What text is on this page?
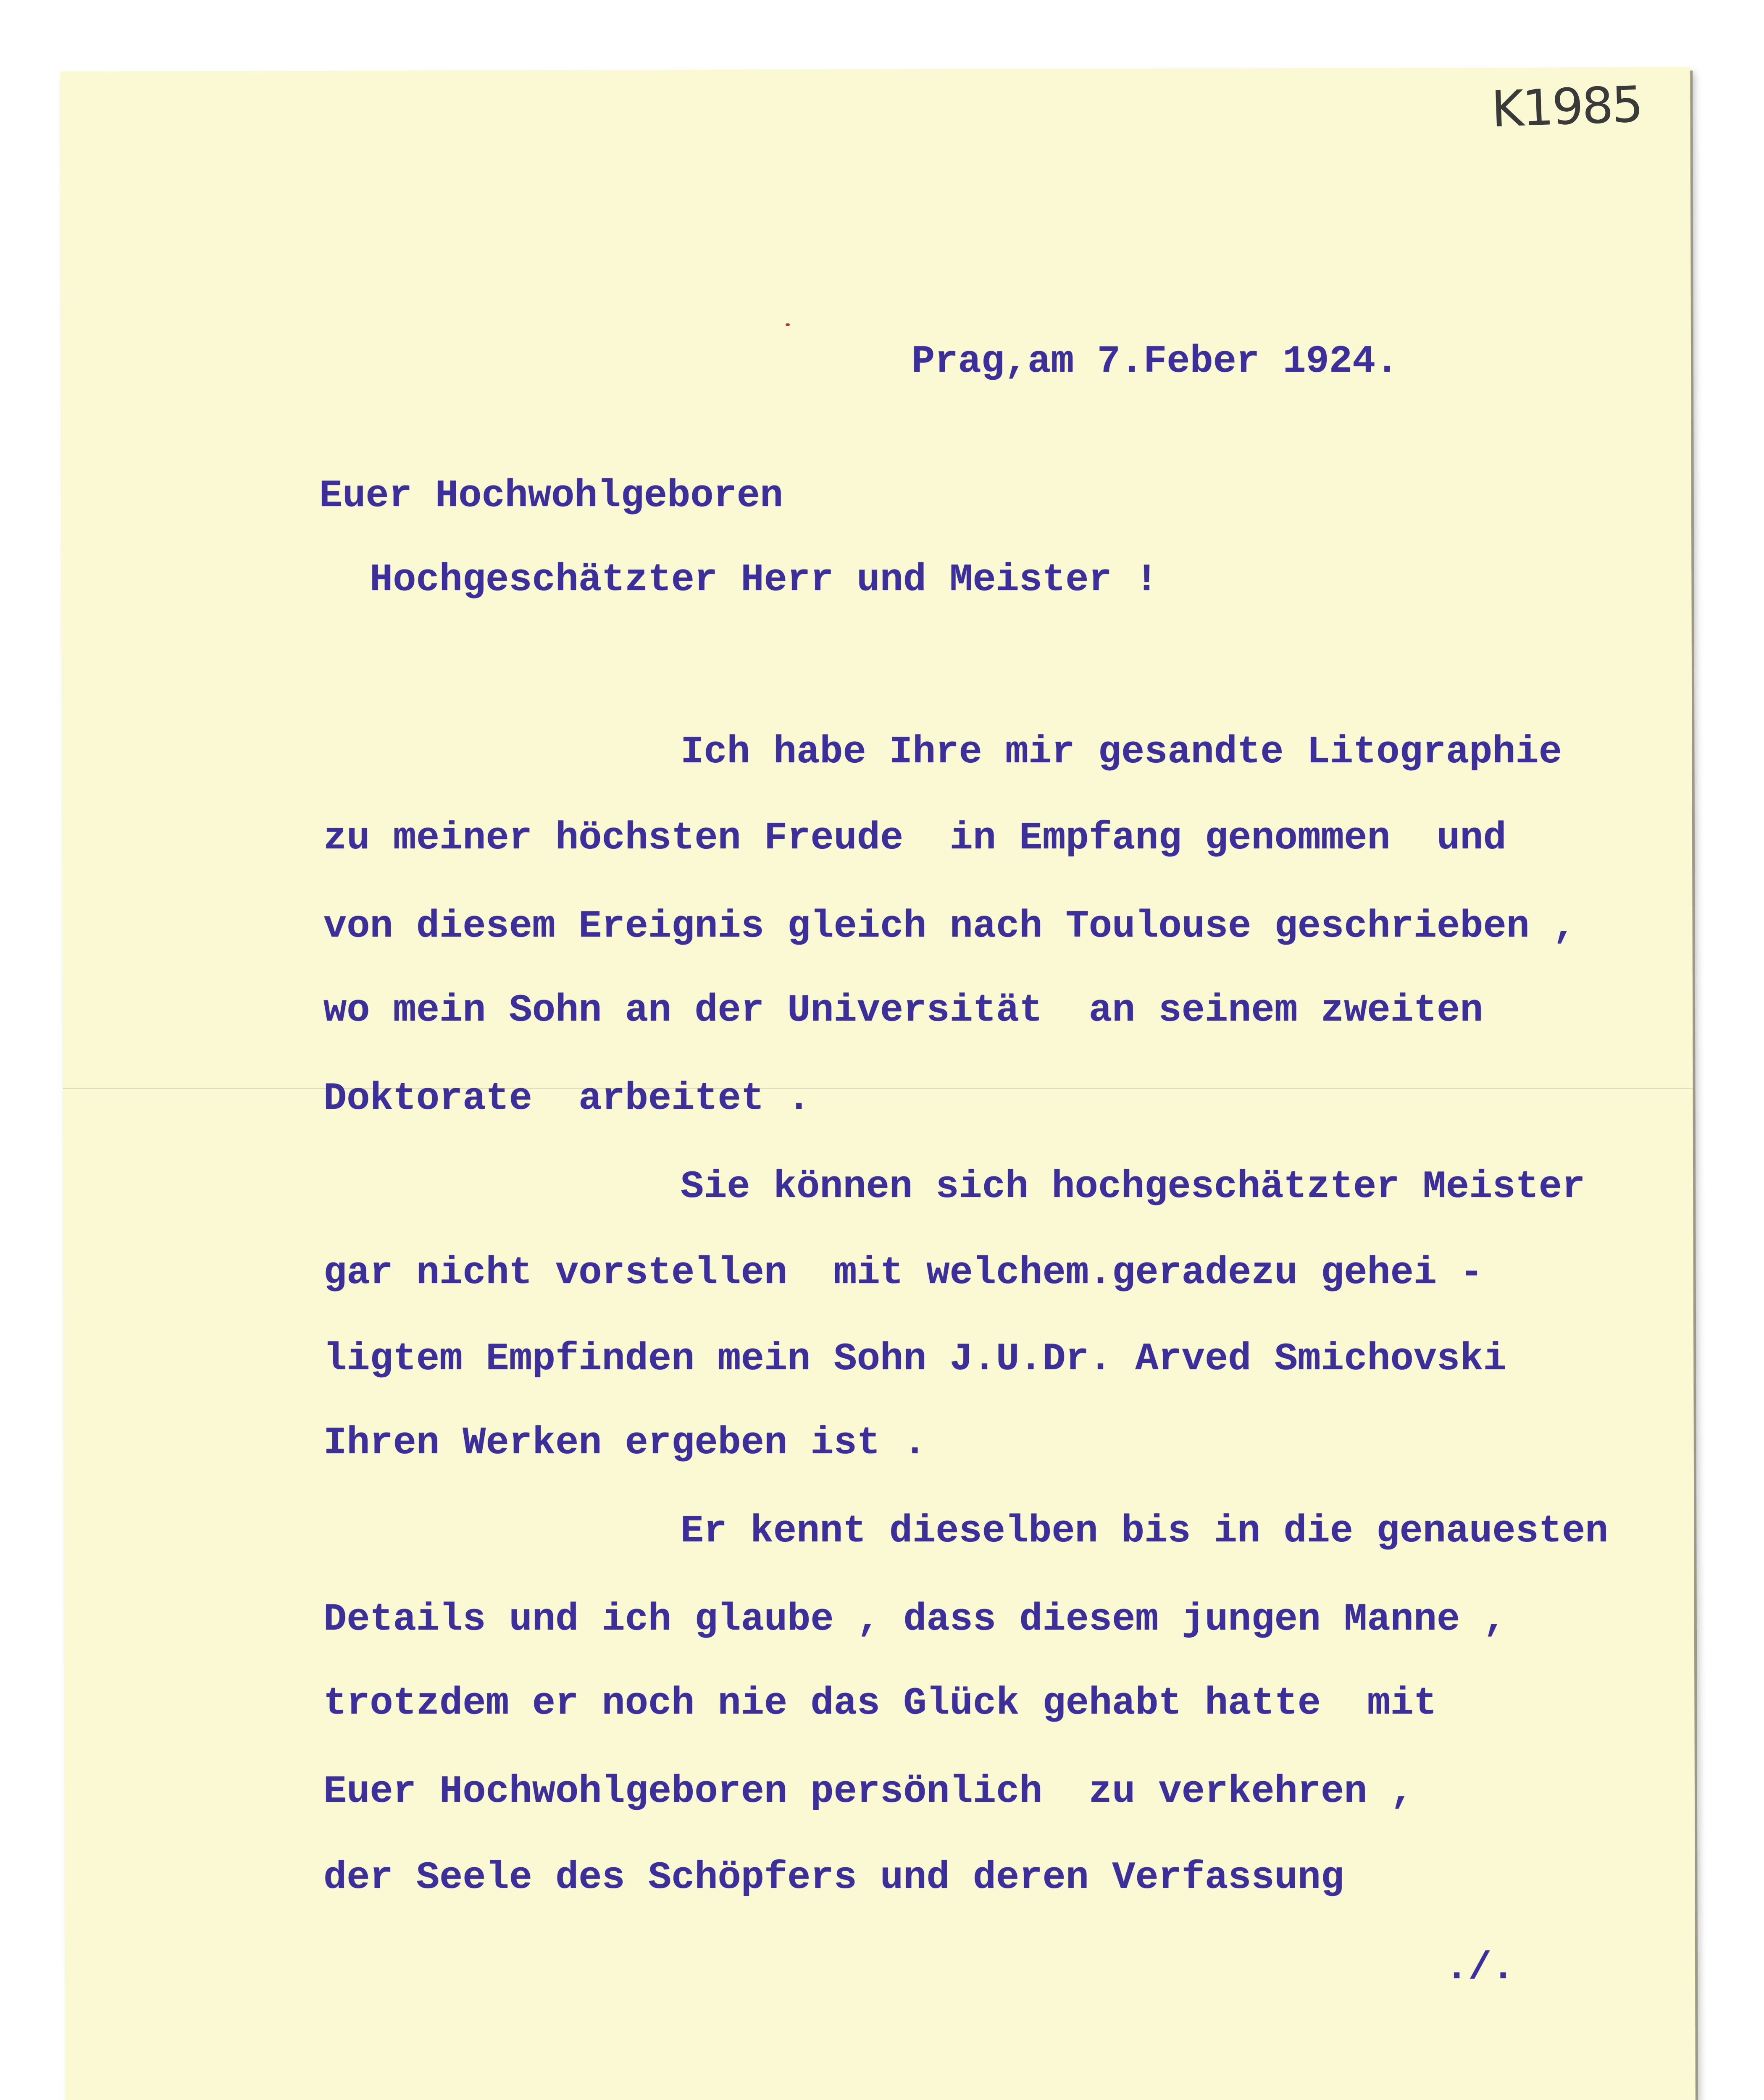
K1985
Prag,am 7.Feber 1924.
Euer Hochwohlgeboren
Hochgeschätzter Herr und Meister !
Ich habe Ihre mir gesandte Litographie
zu meiner höchsten Freude  in Empfang genommen  und
von diesem Ereignis gleich nach Toulouse geschrieben ,
wo mein Sohn an der Universität  an seinem zweiten
Doktorate  arbeitet .
Sie können sich hochgeschätzter Meister
gar nicht vorstellen  mit welchem.geradezu gehei -
ligtem Empfinden mein Sohn J.U.Dr. Arved Smichovski
Ihren Werken ergeben ist .
Er kennt dieselben bis in die genauesten
Details und ich glaube , dass diesem jungen Manne ,
trotzdem er noch nie das Glück gehabt hatte  mit
Euer Hochwohlgeboren persönlich  zu verkehren ,
der Seele des Schöpfers und deren Verfassung
./.
